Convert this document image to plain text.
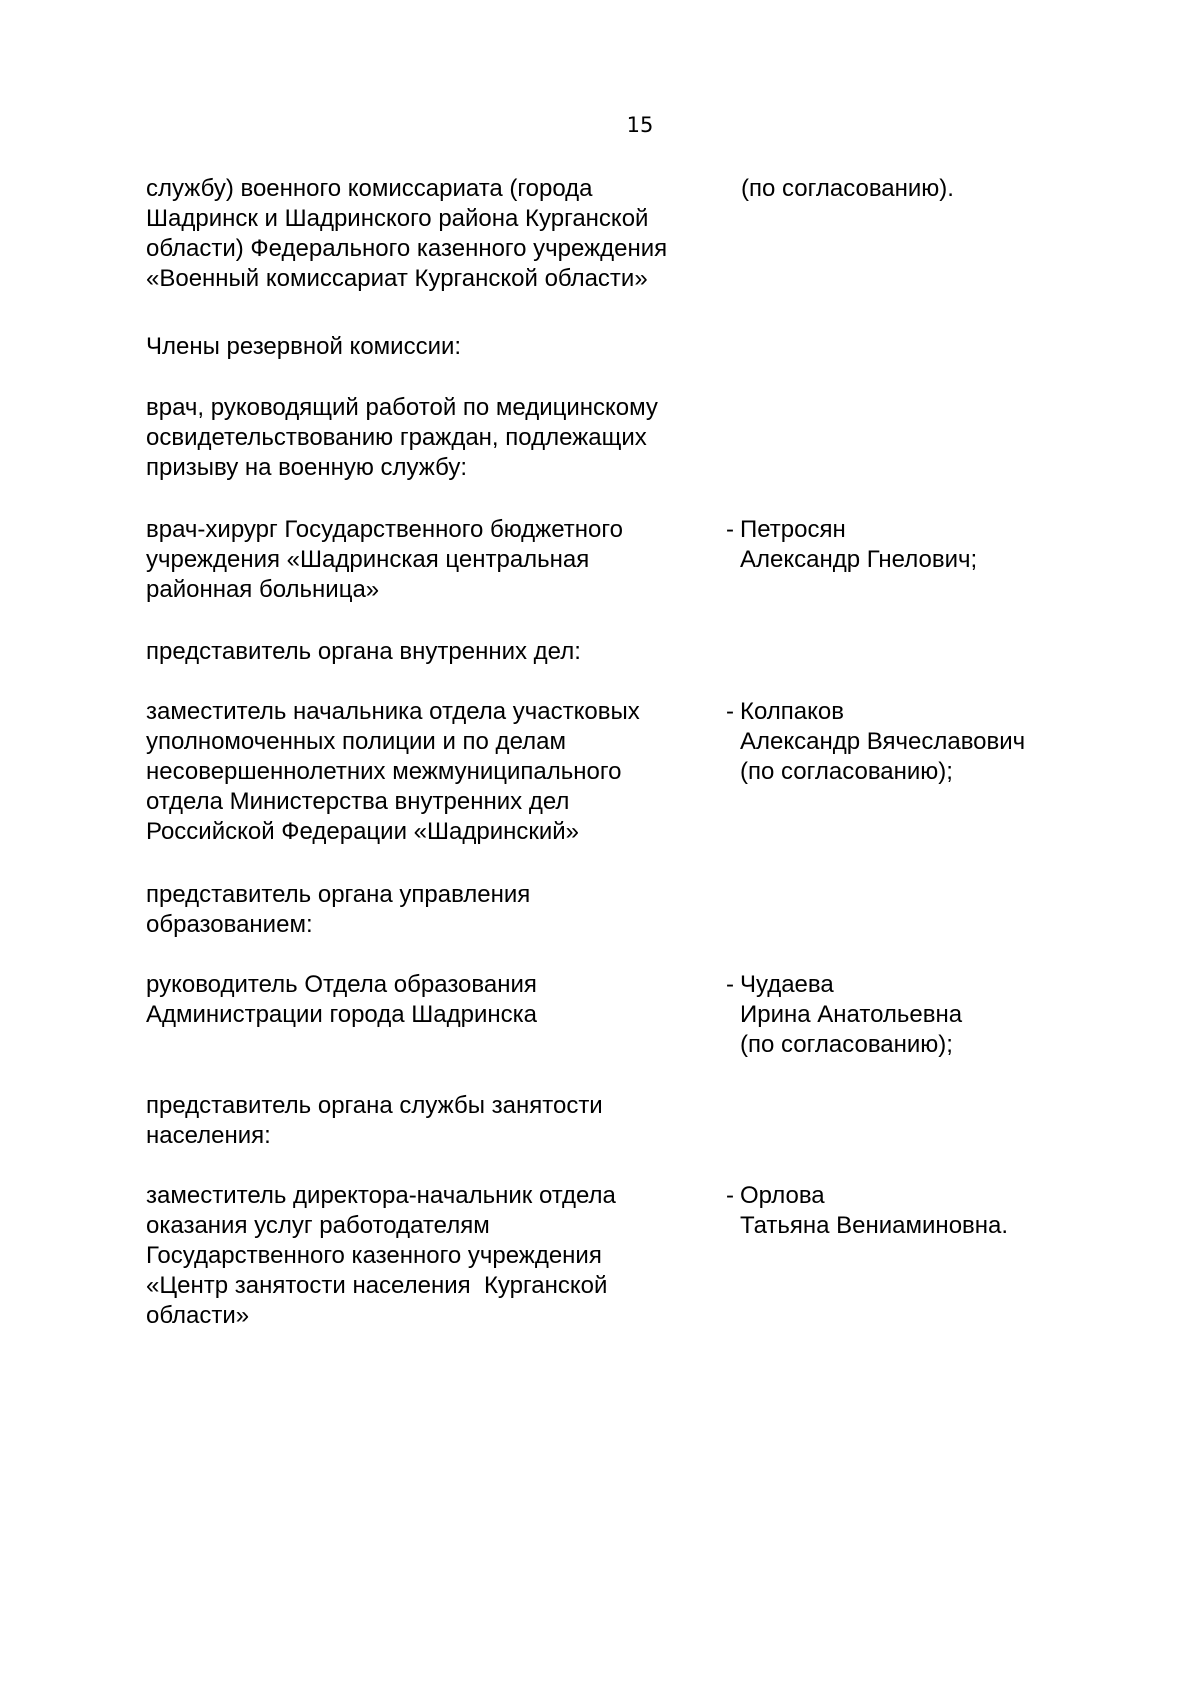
15
службу) военного комиссариата (города
Шадринск и Шадринского района Курганской
области) Федерального казенного учреждения
«Военный комиссариат Курганской области»
(по согласованию).
Члены резервной комиссии:
врач, руководящий работой по медицинскому
освидетельствованию граждан, подлежащих
призыву на военную службу:
врач-хирург Государственного бюджетного
учреждения «Шадринская центральная
районная больница»
- Петросян
Александр Гнелович;
представитель органа внутренних дел:
заместитель начальника отдела участковых
уполномоченных полиции и по делам
несовершеннолетних межмуниципального
отдела Министерства внутренних дел
Российской Федерации «Шадринский»
- Колпаков
Александр Вячеславович
(по согласованию);
представитель органа управления
образованием:
руководитель Отдела образования
Администрации города Шадринска
- Чудаева
Ирина Анатольевна
(по согласованию);
представитель органа службы занятости
населения:
заместитель директора-начальник отдела
оказания услуг работодателям
Государственного казенного учреждения
«Центр занятости населения  Курганской
области»
- Орлова
Татьяна Вениаминовна.
